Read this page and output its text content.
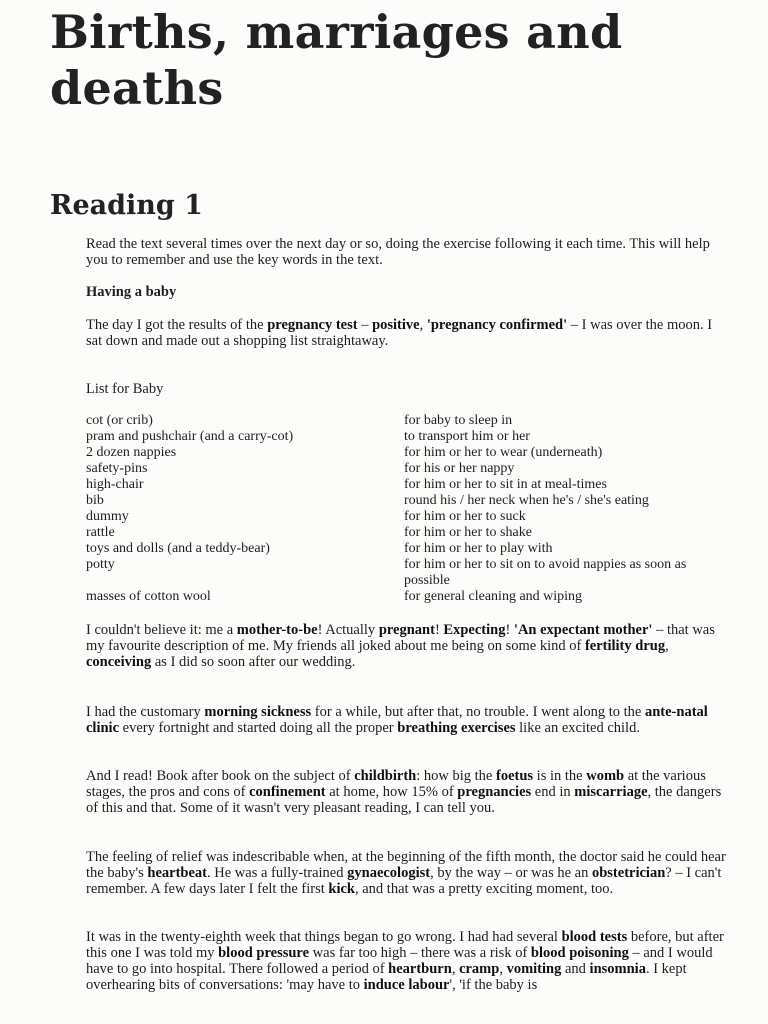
Births, marriages and
deaths
Reading 1

Read the text several times over the next day or so, doing the exercise following it each time. This will help you to remember and use the key words in the text.

Having a baby

The day I got the results of the pregnancy test – positive, 'pregnancy confirmed' – I was over the moon. I sat down and made out a shopping list straightaway.

List for Baby

cot (or crib)	for baby to sleep in
pram and pushchair (and a carry-cot)	to transport him or her
2 dozen nappies	for him or her to wear (underneath)
safety-pins	for his or her nappy
high-chair	for him or her to sit in at meal-times
bib	round his / her neck when he's / she's eating
dummy	for him or her to suck
rattle	for him or her to shake
toys and dolls (and a teddy-bear)	for him or her to play with
potty	for him or her to sit on to avoid nappies as soon as possible
masses of cotton wool	for general cleaning and wiping

I couldn't believe it: me a mother-to-be! Actually pregnant! Expecting! 'An expectant mother' – that was my favourite description of me. My friends all joked about me being on some kind of fertility drug, conceiving as I did so soon after our wedding.

I had the customary morning sickness for a while, but after that, no trouble. I went along to the ante-natal clinic every fortnight and started doing all the proper breathing exercises like an excited child.

And I read! Book after book on the subject of childbirth: how big the foetus is in the womb at the various stages, the pros and cons of confinement at home, how 15% of pregnancies end in miscarriage, the dangers of this and that. Some of it wasn't very pleasant reading, I can tell you.

The feeling of relief was indescribable when, at the beginning of the fifth month, the doctor said he could hear the baby's heartbeat. He was a fully-trained gynaecologist, by the way – or was he an obstetrician? – I can't remember. A few days later I felt the first kick, and that was a pretty exciting moment, too.

It was in the twenty-eighth week that things began to go wrong. I had had several blood tests before, but after this one I was told my blood pressure was far too high – there was a risk of blood poisoning – and I would have to go into hospital. There followed a period of heartburn, cramp, vomiting and insomnia. I kept overhearing bits of conversations: 'may have to induce labour', 'if the baby is
